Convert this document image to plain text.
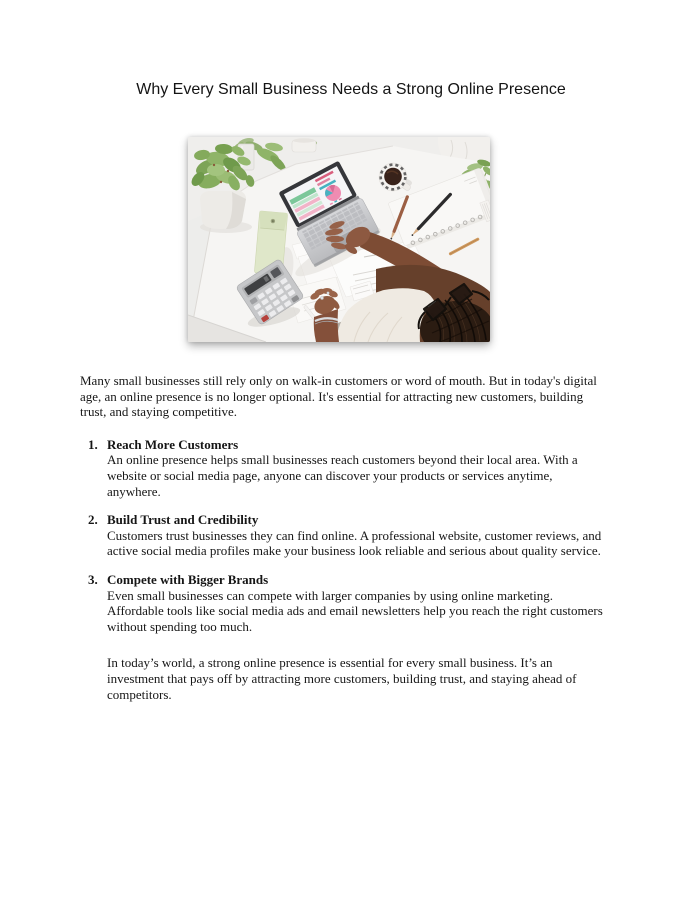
Why Every Small Business Needs a Strong Online Presence

Many small businesses still rely only on walk-in customers or word of mouth. But in today's digital age, an online presence is no longer optional. It's essential for attracting new customers, building trust, and staying competitive.

1. Reach More Customers
An online presence helps small businesses reach customers beyond their local area. With a website or social media page, anyone can discover your products or services anytime, anywhere.
2. Build Trust and Credibility
Customers trust businesses they can find online. A professional website, customer reviews, and active social media profiles make your business look reliable and serious about quality service.
3. Compete with Bigger Brands
Even small businesses can compete with larger companies by using online marketing. Affordable tools like social media ads and email newsletters help you reach the right customers without spending too much.

In today’s world, a strong online presence is essential for every small business. It’s an investment that pays off by attracting more customers, building trust, and staying ahead of competitors.
